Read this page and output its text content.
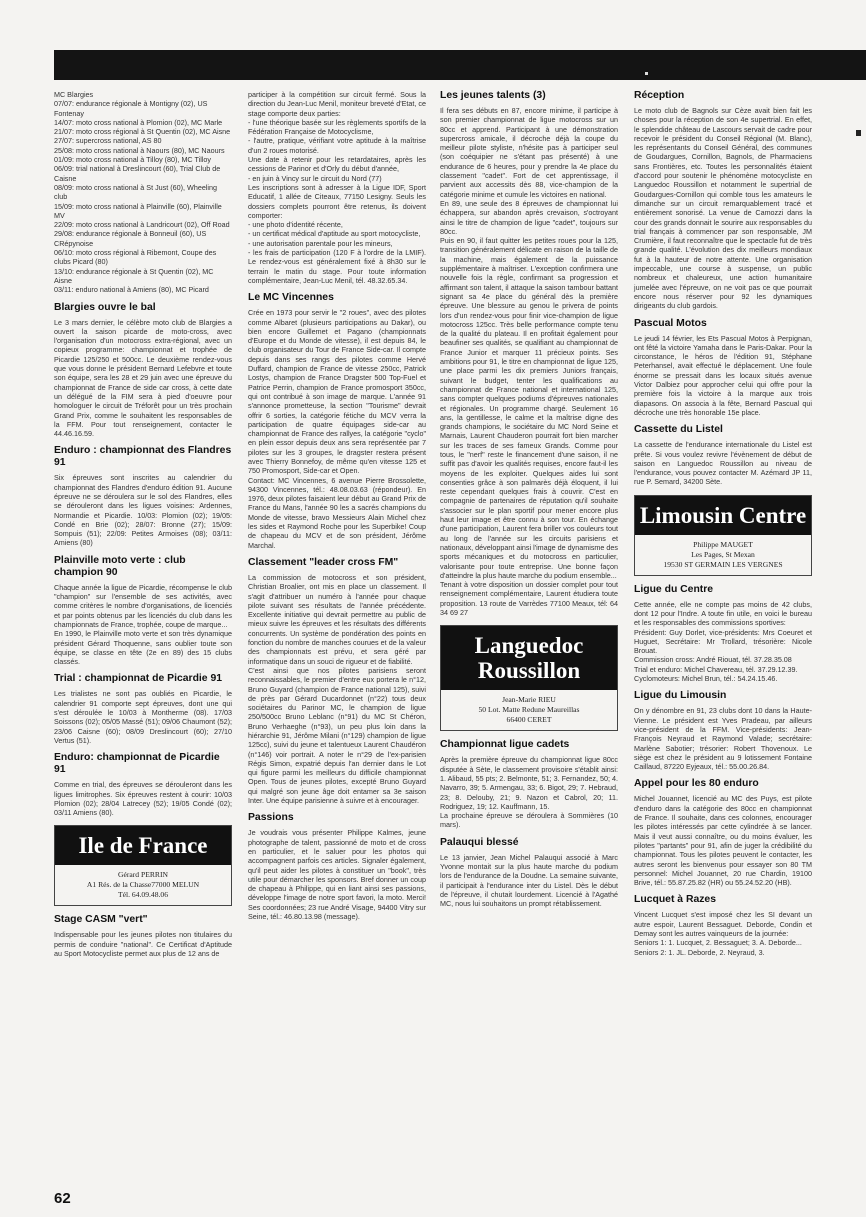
MC Blargies
07/07: endurance régionale à Montigny (02), US Fontenay
14/07: moto cross national à Plomion (02), MC Marle
21/07: moto cross régional à St Quentin (02), MC Aisne
27/07: supercross national, AS 80
25/08: moto cross national à Naours (80), MC Naours
01/09: moto cross national à Tilloy (80), MC Tilloy
06/09: trial national à Dreslincourt (60), Trial Club de Caisne
08/09: moto cross national à St Just (60), Wheeling club
15/09: moto cross national à Plainville (60), Plainville MV
22/09: moto cross national à Landricourt (02), Off Road
29/08: endurance régionale à Bonneuil (60), US CRépynoise
06/10: moto cross régional à Ribemont, Coupe des clubs Picard (80)
13/10: endurance régionale à St Quentin (02), MC Aisne
03/11: enduro national à Amiens (80), MC Picard

Blargies ouvre le bal

Le 3 mars dernier, le célèbre moto club de Blargies a ouvert la saison picarde de moto-cross, avec l'organisation d'un motocross extra-régional, avec un copieux programme: championnat et trophée de Picardie 125/250 et 500cc. Le deuxième rendez-vous que vous donne le président Bernard Lefebvre et toute son équipe, sera les 28 et 29 juin avec une épreuve du championnat de France de side car cross, à cette date un délégué de la FIM sera à pied d'oeuvre pour homologuer le circuit de Tréforêt pour un très prochain Grand Prix, comme le souhaitent les responsables de la FFM. Pour tout renseignement, contacter le 44.46.16.59.

Enduro : championnat des Flandres 91

Six épreuves sont inscrites au calendrier du championnat des Flandres d'enduro édition 91. Aucune épreuve ne se déroulera sur le sol des Flandres, elles se dérouleront dans les ligues voisines: Ardennes, Normandie et Picardie. 10/03: Plomion (02); 19/05: Condé en Brie (02); 28/07: Bronne (27); 15/09: Sompuis (51); 22/09: Petites Armoises (08); 03/11: Amiens (80)

Plainville moto verte : club champion 90

Chaque année la ligue de Picardie, récompense le club "champion" sur l'ensemble de ses activités, avec comme critères le nombre d'organisations, de licenciés et par points obtenus par les licenciés du club dans les championnats de France, trophée, coupe de marque...
En 1990, le Plainville moto verte et son très dynamique président Gérard Thoquenne, sans oublier toute son équipe, se classe en tête (2e en 89) des 15 clubs classés.

Trial : championnat de Picardie 91

Les trialistes ne sont pas oubliés en Picardie, le calendrier 91 comporte sept épreuves, dont une qui s'est déroulée le 10/03 à Montherme (08). 17/03 Soissons (02); 05/05 Massé (51); 09/06 Chaumont (52); 23/06 Caisne (60); 08/09 Dreslincourt (60); 27/10 Vertus (51).

Enduro: championnat de Picardie 91

Comme en trial, des épreuves se dérouleront dans les ligues limitrophes. Six épreuves restent à courir: 10/03 Plomion (02); 28/04 Latrecey (52); 19/05 Condé (02); 03/11 Amiens (80).

Ile de France
Gérard PERRIN
A1 Rés. de la Chasse77000 MELUN
Tél. 64.09.48.06
Stage CASM "vert"

Indispensable pour les jeunes pilotes non titulaires du permis de conduire "national". Ce Certificat d'Aptitude au Sport Motocycliste permet aux plus de 12 ans de

participer à la compétition sur circuit fermé. Sous la direction du Jean-Luc Menil, moniteur breveté d'Etat, ce stage comporte deux parties:
- l'une théorique basée sur les règlements sportifs de la Fédération Française de Motocyclisme,
- l'autre, pratique, vérifiant votre aptitude à la maîtrise d'un 2 roues motorisé.
Une date à retenir pour les retardataires, après les cessions de Parinor et d'Orly du début d'année,
- en juin à Vincy sur le circuit du Nord (77)
Les inscriptions sont à adresser à la Ligue IDF, Sport Educatif, 1 allée de Citeaux, 77150 Lesigny. Seuls les dossiers complets pourront être retenus, ils doivent comporter:
- une photo d'identité récente,
- un certificat médical d'aptitude au sport motocycliste,
- une autorisation parentale pour les mineurs,
- les frais de participation (120 F à l'ordre de la LMIF). Le rendez-vous est généralement fixé à 8h30 sur le terrain le matin du stage. Pour toute information complémentaire, Jean-Luc Menil, tél. 48.32.65.34.

Le MC Vincennes

Crée en 1973 pour servir le "2 roues", avec des pilotes comme Albaret (plusieurs participations au Dakar), ou bien encore Guillemet et Pagano (championnats d'Europe et du Monde de vitesse), il est depuis 84, le club organisateur du Tour de France Side-car. Il compte depuis dans ses rangs des pilotes comme Hervé Duffard, champion de France de vitesse 250cc, Patrick Lostys, champion de France Dragster 500 Top-Fuel et Patrice Perrin, champion de France promosport 350cc, qui ont contribué à son image de marque. L'année 91 s'annonce prometteuse, la section "Tourisme" devrait offrir 6 sorties, la catégorie fétiche du MCV verra la participation de quatre équipages side-car au championnat de France des rallyes, la catégorie "cyclo" en plein essor depuis deux ans sera représentée par 7 pilotes sur les 3 groupes, le dragster restera présent avec Thierry Bonnefoy, de même qu'en vitesse 125 et 750 Promosport, Side-car et Open.
Contact: MC Vincennes, 6 avenue Pierre Brossolette, 94300 Vincennes, tél.: 48.08.03.63 (répondeur). En 1976, deux pilotes faisaient leur début au Grand Prix de France du Mans, l'année 90 les a sacrés champions du Monde de vitesse, bravo Messieurs Alain Michel chez les sides et Raymond Roche pour les Superbike! Coup de chapeau du MCV et de son président, Jérôme Marchal.

Classement "leader cross FM"

La commission de motocross et son président, Christian Broalier, ont mis en place un classement. Il s'agit d'attribuer un numéro à l'année pour chaque pilote suivant ses résultats de l'année précédente. Excellente initiative qui devrait permettre au public de mieux suivre les épreuves et les résultats des différents concurrents. Un système de pondération des points en fonction du nombre de manches courues et de la valeur des championnats est prévu, et sera géré par informatique dans un souci de rigueur et de fiabilité.
C'est ainsi que nos pilotes parisiens seront reconnaissables, le premier d'entre eux portera le n°12, Bruno Guyard (champion de France national 125), suivi de près par Gérard Ducardonnet (n°22) tous deux sociétaires du Parinor MC, le champion de ligue 250/500cc Bruno Leblanc (n°91) du MC St Chéron, Bruno Verhaeghe (n°93), un peu plus loin dans la hiérarchie 91, Jérôme Milani (n°129) champion de ligue 125cc), suivi du jeune et talentueux Laurent Chaudéron (n°146) voir portrait. A noter le n°29 de l'ex-parisien Régis Simon, expatrié depuis l'an dernier dans le Lot qui figure parmi les meilleurs du difficile championnat Open. Tous de jeunes pilotes, excepté Bruno Guyard qui malgré son jeune âge doit entamer sa 3e saison Inter. Une équipe parisienne à suivre et à encourager.

Passions

Je voudrais vous présenter Philippe Kalmes, jeune photographe de talent, passionné de moto et de cross en particulier, et le saluer pour les photos qui accompagnent parfois ces articles. Signaler également, qu'il peut aider les pilotes à constituer un "book", très utile pour démarcher les sponsors. Bref donner un coup de chapeau à Philippe, qui en liant ainsi ses passions, développe l'image de notre sport favori, la moto. Merci! Ses coordonnées; 23 rue André Visage, 94400 Vitry sur Seine, tél.: 46.80.13.98 (message).

Les jeunes talents (3)

Il fera ses débuts en 87, encore minime, il participe à son premier championnat de ligue motocross sur un 80cc et apprend. Participant à une démonstration supercross amicale, il décroche déjà la coupe du meilleur pilote styliste, n'hésite pas à participer seul (son coéquipier ne s'étant pas présenté) à une endurance de 6 heures, pour y prendre la 4e place du classement "cadet". Fort de cet apprentissage, il parvient aux accessits dès 88, vice-champion de la catégorie minime et cumule les victoires en national.
En 89, une seule des 8 épreuves de championnat lui échappera, sur abandon après crevaison, s'octroyant ainsi le titre de champion de ligue "cadet", toujours sur 80cc.
Puis en 90, il faut quitter les petites roues pour la 125, transition généralement délicate en raison de la taille de la machine, mais également de la puissance supplémentaire à maîtriser. L'exception confirmera une nouvelle fois la règle, confirmant sa progression et affirmant son talent, il attaque la saison tambour battant signant sa 4e place du général dès la première épreuve. Une blessure au genou le privera de points lors d'un rendez-vous pour finir vice-champion de ligue motocross 125cc. Très belle performance compte tenu de la qualité du plateau. Il en profitait également pour beaufiner ses qualités, se qualifiant au championnat de France Junior et marquer 11 précieux points. Ses ambitions pour 91, le titre en championnat de ligue 125, une place parmi les dix premiers Juniors français, suivant le budget, tenter les qualifications au championnat de France national et international 125, sans compter quelques podiums d'épreuves nationales et régionales. Un programme chargé. Seulement 16 ans, la gentillesse, le calme et la maîtrise digne des grands champions, le sociétaire du MC Nord Seine et Marnais, Laurent Chauderon pourrait fort bien marcher sur les traces de ses fameux Grands. Comme pour tous, le "nerf" reste le financement d'une saison, il ne suffit pas d'avoir les qualités requises, encore faut-il les moyens de les exploiter. Quelques aides lui sont consenties grâce à son palmarès déjà éloquent, il lui reste cependant quelques frais à couvrir. C'est en compagnie de partenaires de réputation qu'il souhaite s'associer sur le plan sportif pour mener encore plus haut leur image et être connu à son tour. En échange d'une participation, Laurent fera briller vos couleurs tout au long de l'année sur les circuits parisiens et nationaux, développant ainsi l'image de dynamisme des sports mécaniques et du motocross en particulier, valorisante pour toute entreprise. Une bonne façon d'atteindre la plus haute marche du podium ensemble...
Tenant à votre disposition un dossier complet pour tout renseignement complémentaire, Laurent étudiera toute proposition. 13 route de Varrèdes 77100 Meaux, tél: 64 34 69 27

Languedoc Roussillon
Jean-Marie RIEU
50 Lot. Matte Redune Maureillas
66400 CERET
Championnat ligue cadets

Après la première épreuve du championnat ligue 80cc disputée à Sète, le classement provisoire s'établit ainsi: 1. Alibaud, 55 pts; 2. Belmonte, 51; 3. Fernandez, 50; 4. Navarro, 39; 5. Armengau, 33; 6. Bigot, 29; 7. Hebraud, 23; 8. Delouby, 21; 9. Nazon et Cabrol, 20; 11. Rodriguez, 19; 12. Kauffmann, 15.
La prochaine épreuve se déroulera à Sommières (10 mars).

Palauqui blessé

Le 13 janvier, Jean Michel Palauqui associé à Marc Yvonne montait sur la plus haute marche du podium lors de l'endurance de la Doudne. La semaine suivante, il participait à l'endurance inter du Listel. Dès le début de l'épreuve, il chutait lourdement. Licencié à l'Agathé MC, nous lui souhaitons un prompt rétablissement.

Réception

Le moto club de Bagnols sur Cèze avait bien fait les choses pour la réception de son 4e supertrial. En effet, le splendide château de Lascours servait de cadre pour recevoir le président du Conseil Régional (M. Blanc), les représentants du Conseil Général, des communes de Goudargues, Cornillon, Bagnols, de Pharmaciens sans Frontières, etc. Toutes les personnalités étaient d'accord pour soutenir le phénomène motocycliste en Languedoc Roussillon et notamment le supertrial de Goudargues-Cornillon qui comble tous les amateurs le dimanche sur un circuit remarquablement tracé et entièrement sonorisé. La venue de Camozzi dans la cour des grands donnait le sourire aux responsables du trial français à commencer par son responsable, JM Crumière, il faut reconnaître que le spectacle fut de très grande qualité. L'évolution des dix meilleurs mondiaux fut à la hauteur de notre attente. Une organisation impeccable, une course à suspense, un public nombreux et chaleureux, une action humanitaire jumelée avec l'épreuve, on ne voit pas ce que pourrait encore nous réserver pour 92 les dynamiques dirigeants du club gardois.

Pascual Motos

Le jeudi 14 février, les Ets Pascual Motos à Perpignan, ont fêté la victoire Yamaha dans le Paris-Dakar. Pour la circonstance, le héros de l'édition 91, Stéphane Peterhansel, avait effectué le déplacement. Une foule énorme se pressait dans les locaux situés avenue Victor Dalbiez pour approcher celui qui offre pour la première fois la victoire à la marque aux trois diapasons. On associa à la fête, Bernard Pascual qui décroche une très honorable 15e place.

Cassette du Listel

La cassette de l'endurance internationale du Listel est prête. Si vous voulez revivre l'évènement de début de saison en Languedoc Roussillon au niveau de l'endurance, vous pouvez contacter M. Azémard JP 11, rue P. Semard, 34200 Sète.

Limousin Centre
Philippe MAUGET
Les Pages, St Mexan
19530 ST GERMAIN LES VERGNES
Ligue du Centre

Cette année, elle ne compte pas moins de 42 clubs, dont 12 pour l'Indre. A toute fin utile, en voici le bureau et les responsables des commissions sportives:
Président: Guy Dorlet, vice-présidents: Mrs Coeuret et Huguet, Secrétaire: Mr Trollard, trésorière: Nicole Brouat.
Commission cross: André Riouat, tél. 37.28.35.08
Trial et enduro: Michel Chavereau, tél. 37.29.12.39.
Cyclomoteurs: Michel Brun, tél.: 54.24.15.46.

Ligue du Limousin

On y dénombre en 91, 23 clubs dont 10 dans la Haute-Vienne. Le président est Yves Pradeau, par ailleurs vice-président de la FFM. Vice-présidents: Jean-François Neyraud et Raymond Valade; secrétaire: Marlène Sabotier; trésorier: Robert Thovenoux. Le siège est chez le président au 9 lotissement Fontaine Caillaud, 87220 Eyjeaux, tél.: 55.00.26.84.

Appel pour les 80 enduro

Michel Jouannet, licencié au MC des Puys, est pilote d'enduro dans la catégorie des 80cc en championnat de France. Il souhaite, dans ces colonnes, encourager les pilotes intéressés par cette cylindrée à se lancer. Mais il veut aussi connaître, ou du moins évaluer, les pilotes "partants" pour 91, afin de juger la crédibilité du championnat. Tous les pilotes peuvent le contacter, les autres seront les bienvenus pour essayer son 80 TM personnel: Michel Jouannet, 20 rue Chardin, 19100 Brive, tél.: 55.87.25.82 (HR) ou 55.24.52.20 (HB).

Lucquet à Razes

Vincent Lucquet s'est imposé chez les SI devant un autre espoir, Laurent Bessaguet. Deborde, Condin et Demay sont les autres vainqueurs de la journée:
Seniors 1: 1. Lucquet, 2. Bessaguet; 3. A. Deborde...
Seniors 2: 1. JL. Deborde, 2. Neyraud, 3.

62
